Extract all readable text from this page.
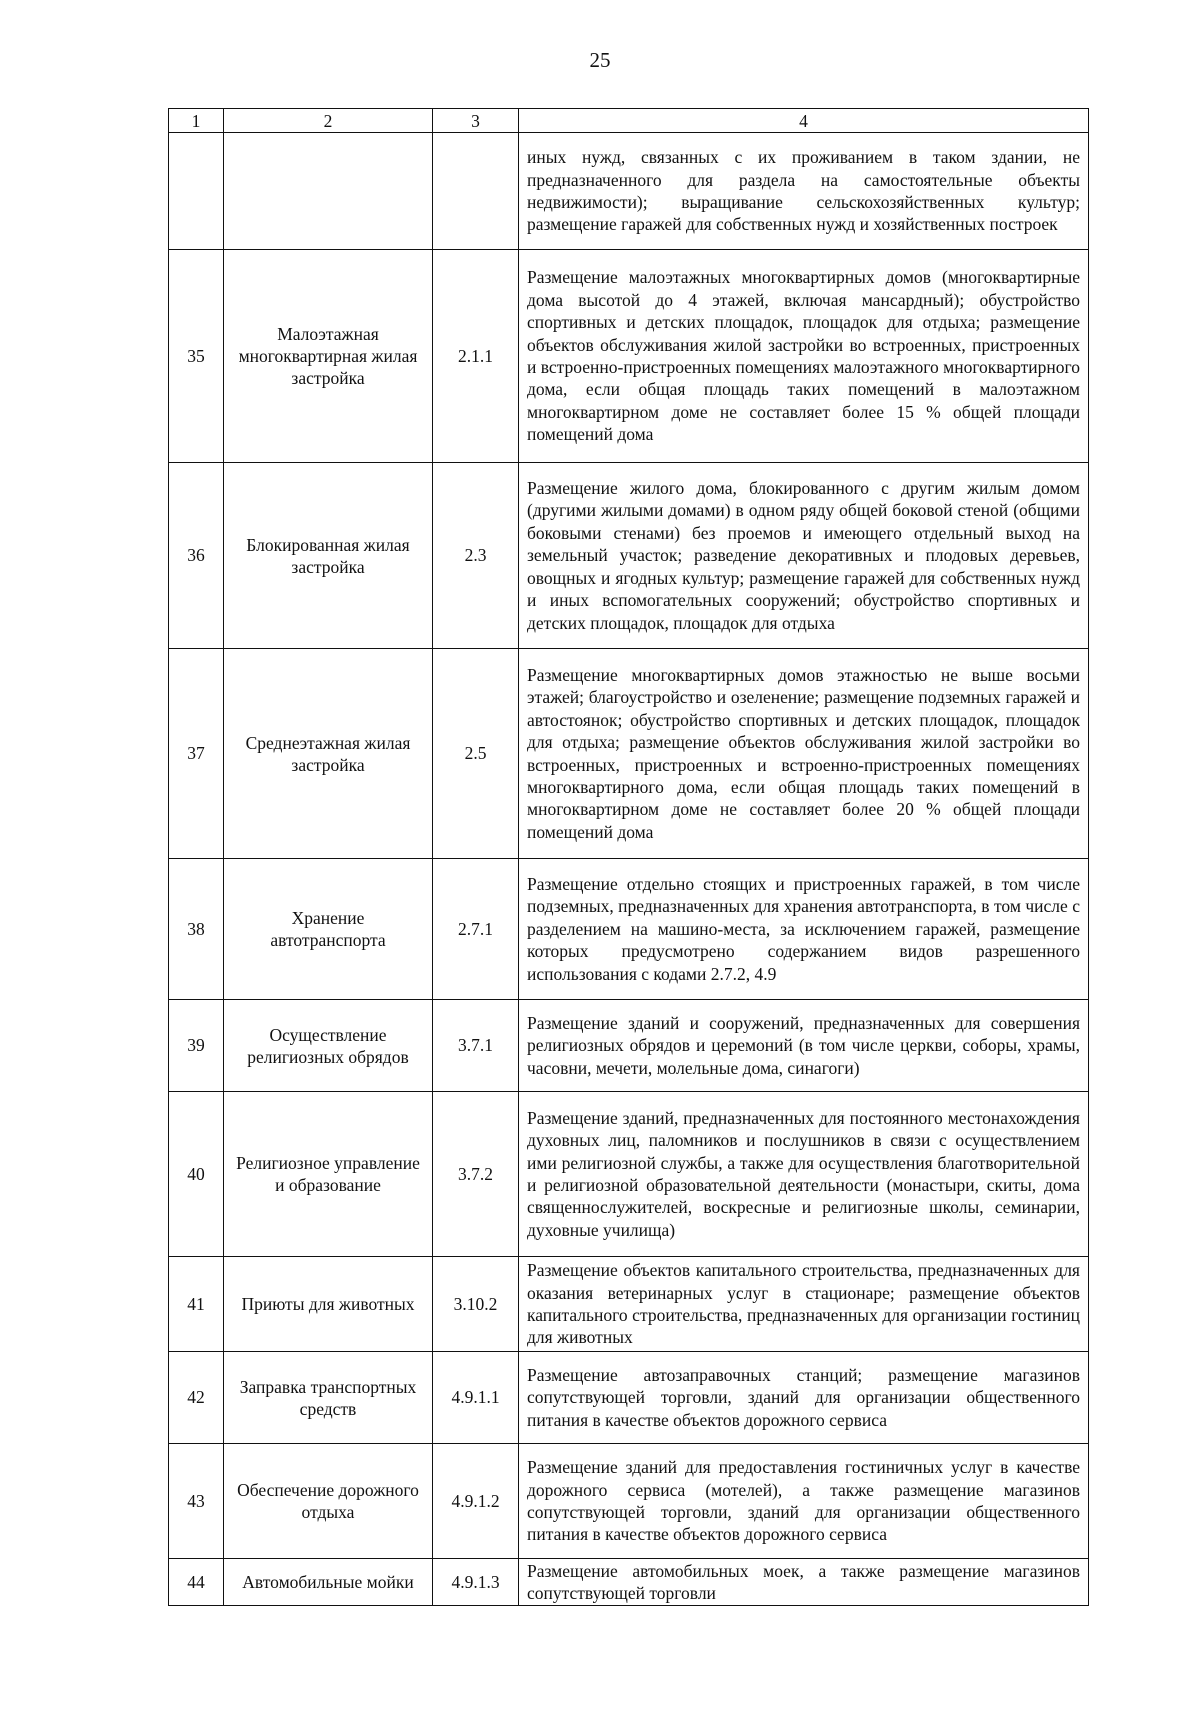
25
1	2	3	4
			иных нужд, связанных с их проживанием в таком здании, не предназначенного для раздела на самостоятельные объекты недвижимости); выращивание сельскохозяйственных культур; размещение гаражей для собственных нужд и хозяйственных построек
35	Малоэтажная многоквартирная жилая застройка	2.1.1	Размещение малоэтажных многоквартирных домов (многоквартирные дома высотой до 4 этажей, включая мансардный); обустройство спортивных и детских площадок, площадок для отдыха; размещение объектов обслуживания жилой застройки во встроенных, пристроенных и встроенно-пристроенных помещениях малоэтажного многоквартирного дома, если общая площадь таких помещений в малоэтажном многоквартирном доме не составляет более 15 % общей площади помещений дома
36	Блокированная жилая застройка	2.3	Размещение жилого дома, блокированного с другим жилым домом (другими жилыми домами) в одном ряду общей боковой стеной (общими боковыми стенами) без проемов и имеющего отдельный выход на земельный участок; разведение декоративных и плодовых деревьев, овощных и ягодных культур; размещение гаражей для собственных нужд и иных вспомогательных сооружений; обустройство спортивных и детских площадок, площадок для отдыха
37	Среднеэтажная жилая застройка	2.5	Размещение многоквартирных домов этажностью не выше восьми этажей; благоустройство и озеленение; размещение подземных гаражей и автостоянок; обустройство спортивных и детских площадок, площадок для отдыха; размещение объектов обслуживания жилой застройки во встроенных, пристроенных и встроенно-пристроенных помещениях многоквартирного дома, если общая площадь таких помещений в многоквартирном доме не составляет более 20 % общей площади помещений дома
38	Хранение автотранспорта	2.7.1	Размещение отдельно стоящих и пристроенных гаражей, в том числе подземных, предназначенных для хранения автотранспорта, в том числе с разделением на машино-места, за исключением гаражей, размещение которых предусмотрено содержанием видов разрешенного использования с кодами 2.7.2, 4.9
39	Осуществление религиозных обрядов	3.7.1	Размещение зданий и сооружений, предназначенных для совершения религиозных обрядов и церемоний (в том числе церкви, соборы, храмы, часовни, мечети, молельные дома, синагоги)
40	Религиозное управление и образование	3.7.2	Размещение зданий, предназначенных для постоянного местонахождения духовных лиц, паломников и послушников в связи с осуществлением ими религиозной службы, а также для осуществления благотворительной и религиозной образовательной деятельности (монастыри, скиты, дома священнослужителей, воскресные и религиозные школы, семинарии, духовные училища)
41	Приюты для животных	3.10.2	Размещение объектов капитального строительства, предназначенных для оказания ветеринарных услуг в стационаре; размещение объектов капитального строительства, предназначенных для организации гостиниц для животных
42	Заправка транспортных средств	4.9.1.1	Размещение автозаправочных станций; размещение магазинов сопутствующей торговли, зданий для организации общественного питания в качестве объектов дорожного сервиса
43	Обеспечение дорожного отдыха	4.9.1.2	Размещение зданий для предоставления гостиничных услуг в качестве дорожного сервиса (мотелей), а также размещение магазинов сопутствующей торговли, зданий для организации общественного питания в качестве объектов дорожного сервиса
44	Автомобильные мойки	4.9.1.3	Размещение автомобильных моек, а также размещение магазинов сопутствующей торговли
